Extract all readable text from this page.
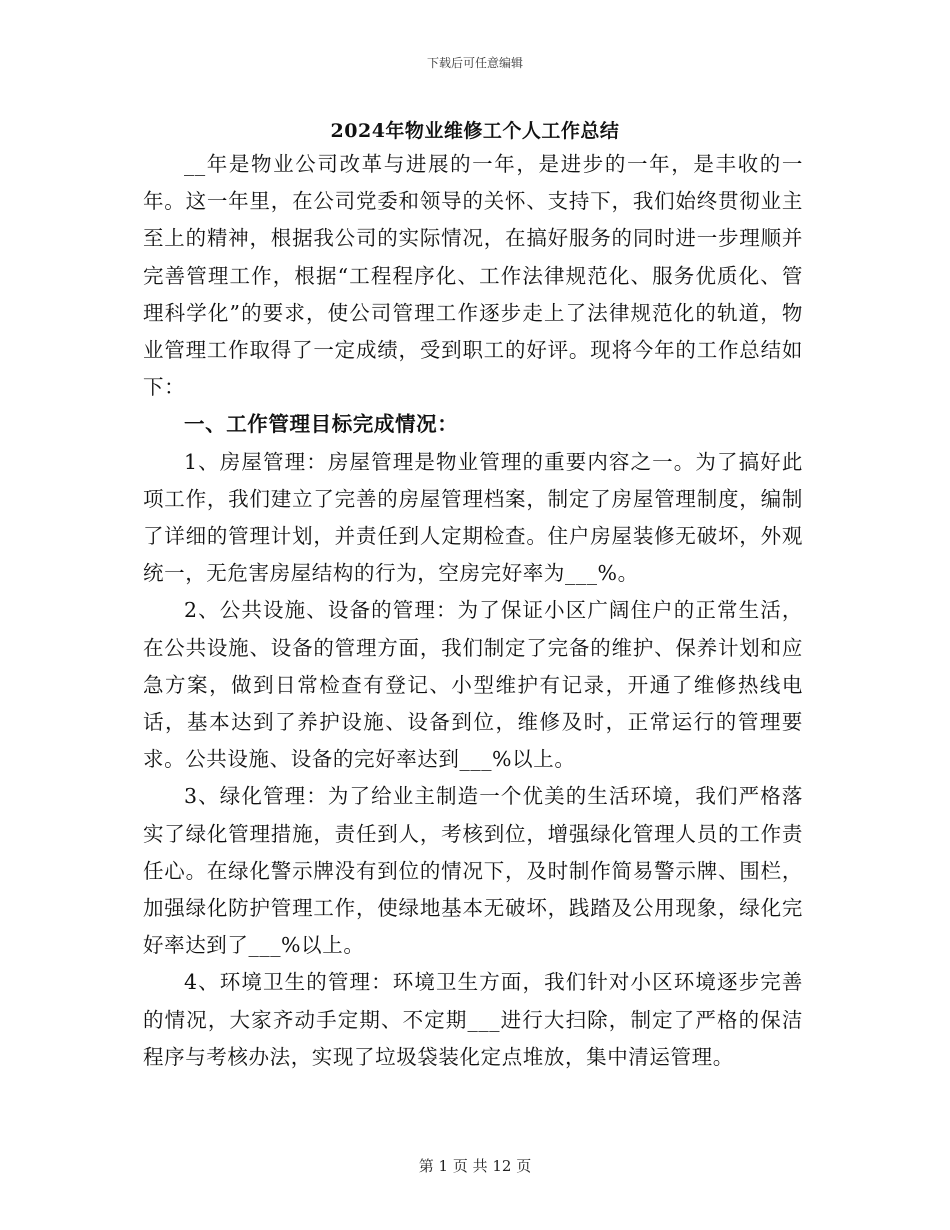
下载后可任意编辑
2024年物业维修工个人工作总结

__年是物业公司改革与进展的一年，是进步的一年，是丰收的一年。这一年里，在公司党委和领导的关怀、支持下，我们始终贯彻业主至上的精神，根据我公司的实际情况，在搞好服务的同时进一步理顺并完善管理工作，根据“工程程序化、工作法律规范化、服务优质化、管理科学化”的要求，使公司管理工作逐步走上了法律规范化的轨道，物业管理工作取得了一定成绩，受到职工的好评。现将今年的工作总结如下：

一、工作管理目标完成情况：

1、房屋管理：房屋管理是物业管理的重要内容之一。为了搞好此项工作，我们建立了完善的房屋管理档案，制定了房屋管理制度，编制了详细的管理计划，并责任到人定期检查。住户房屋装修无破坏，外观统一，无危害房屋结构的行为，空房完好率为___%。

2、公共设施、设备的管理：为了保证小区广阔住户的正常生活，在公共设施、设备的管理方面，我们制定了完备的维护、保养计划和应急方案，做到日常检查有登记、小型维护有记录，开通了维修热线电话，基本达到了养护设施、设备到位，维修及时，正常运行的管理要求。公共设施、设备的完好率达到___%以上。

3、绿化管理：为了给业主制造一个优美的生活环境，我们严格落实了绿化管理措施，责任到人，考核到位，增强绿化管理人员的工作责任心。在绿化警示牌没有到位的情况下，及时制作简易警示牌、围栏，加强绿化防护管理工作，使绿地基本无破坏，践踏及公用现象，绿化完好率达到了___%以上。

4、环境卫生的管理：环境卫生方面，我们针对小区环境逐步完善的情况，大家齐动手定期、不定期___进行大扫除，制定了严格的保洁程序与考核办法，实现了垃圾袋装化定点堆放，集中清运管理。

第 1 页 共 12 页
